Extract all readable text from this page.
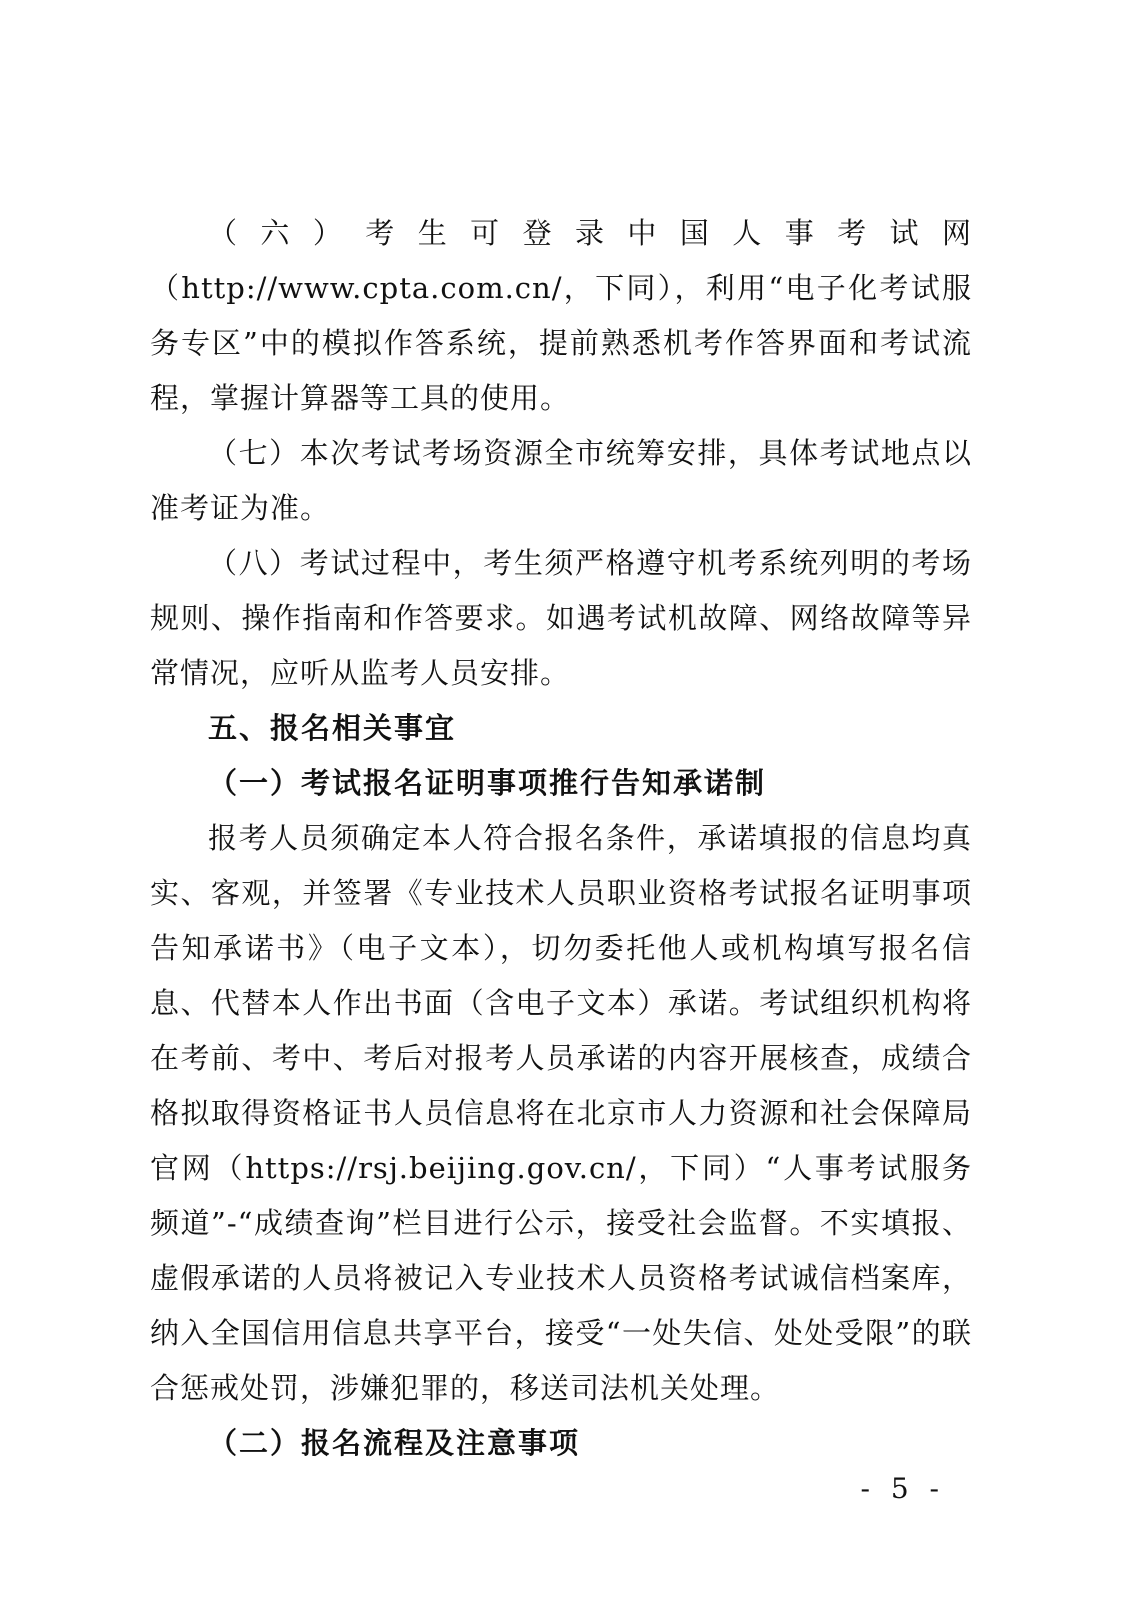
（六）考生可登录中国人事考试网（http://www.cpta.com.cn/，下同），利用“电子化考试服务专区”中的模拟作答系统，提前熟悉机考作答界面和考试流程，掌握计算器等工具的使用。

（七）本次考试考场资源全市统筹安排，具体考试地点以准考证为准。

（八）考试过程中，考生须严格遵守机考系统列明的考场规则、操作指南和作答要求。如遇考试机故障、网络故障等异常情况，应听从监考人员安排。

五、报名相关事宜

（一）考试报名证明事项推行告知承诺制

报考人员须确定本人符合报名条件，承诺填报的信息均真实、客观，并签署《专业技术人员职业资格考试报名证明事项告知承诺书》（电子文本），切勿委托他人或机构填写报名信息、代替本人作出书面（含电子文本）承诺。考试组织机构将在考前、考中、考后对报考人员承诺的内容开展核查，成绩合格拟取得资格证书人员信息将在北京市人力资源和社会保障局官网（https://rsj.beijing.gov.cn/，下同）“人事考试服务频道”-“成绩查询”栏目进行公示，接受社会监督。不实填报、虚假承诺的人员将被记入专业技术人员资格考试诚信档案库，纳入全国信用信息共享平台，接受“一处失信、处处受限”的联合惩戒处罚，涉嫌犯罪的，移送司法机关处理。

（二）报名流程及注意事项

- 5 -
